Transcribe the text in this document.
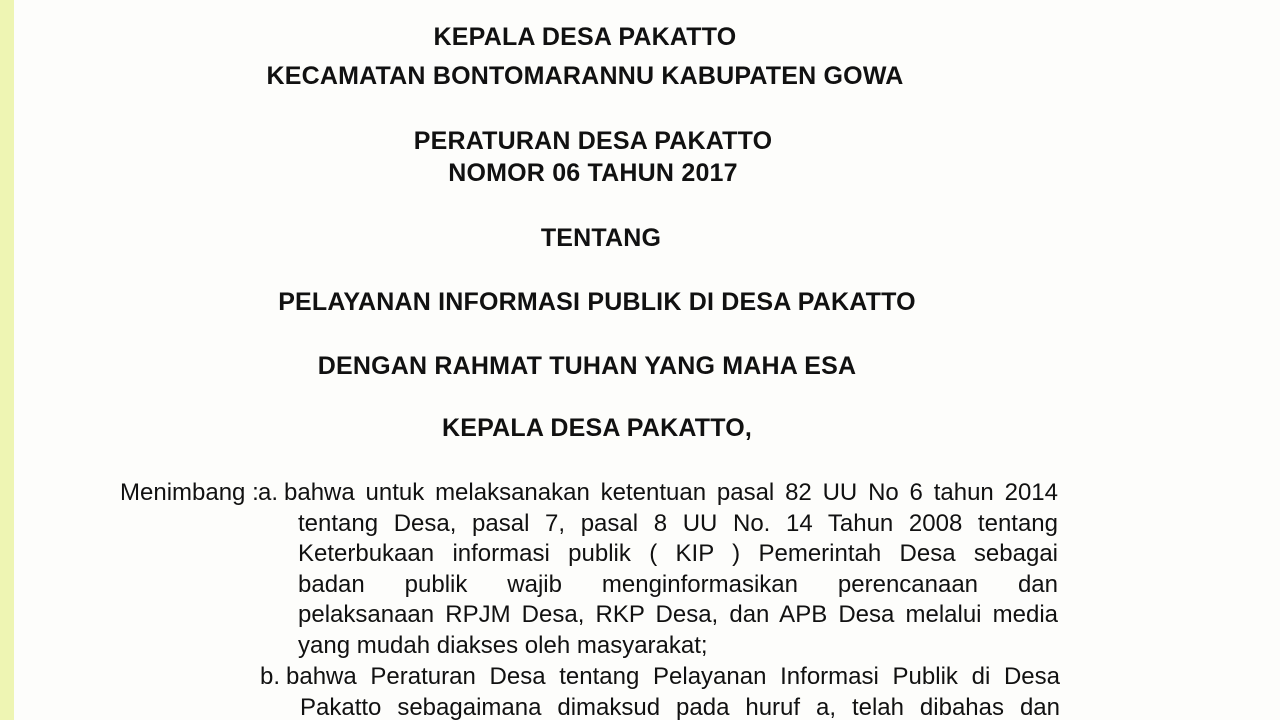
KEPALA DESA PAKATTO

KECAMATAN BONTOMARANNU KABUPATEN GOWA

PERATURAN DESA PAKATTO

NOMOR 06 TAHUN 2017

TENTANG

PELAYANAN INFORMASI PUBLIK DI DESA PAKATTO

DENGAN RAHMAT TUHAN YANG MAHA ESA

KEPALA DESA PAKATTO,

Menimbang : a. bahwa untuk melaksanakan ketentuan pasal 82 UU No 6 tahun 2014
tentang Desa, pasal 7, pasal 8 UU No. 14 Tahun 2008 tentang
Keterbukaan informasi publik ( KIP ) Pemerintah Desa sebagai
badan publik wajib menginformasikan perencanaan dan
pelaksanaan RPJM Desa, RKP Desa, dan APB Desa melalui media
yang mudah diakses oleh masyarakat;
b. bahwa Peraturan Desa tentang Pelayanan Informasi Publik di Desa
Pakatto sebagaimana dimaksud pada huruf a, telah dibahas dan
